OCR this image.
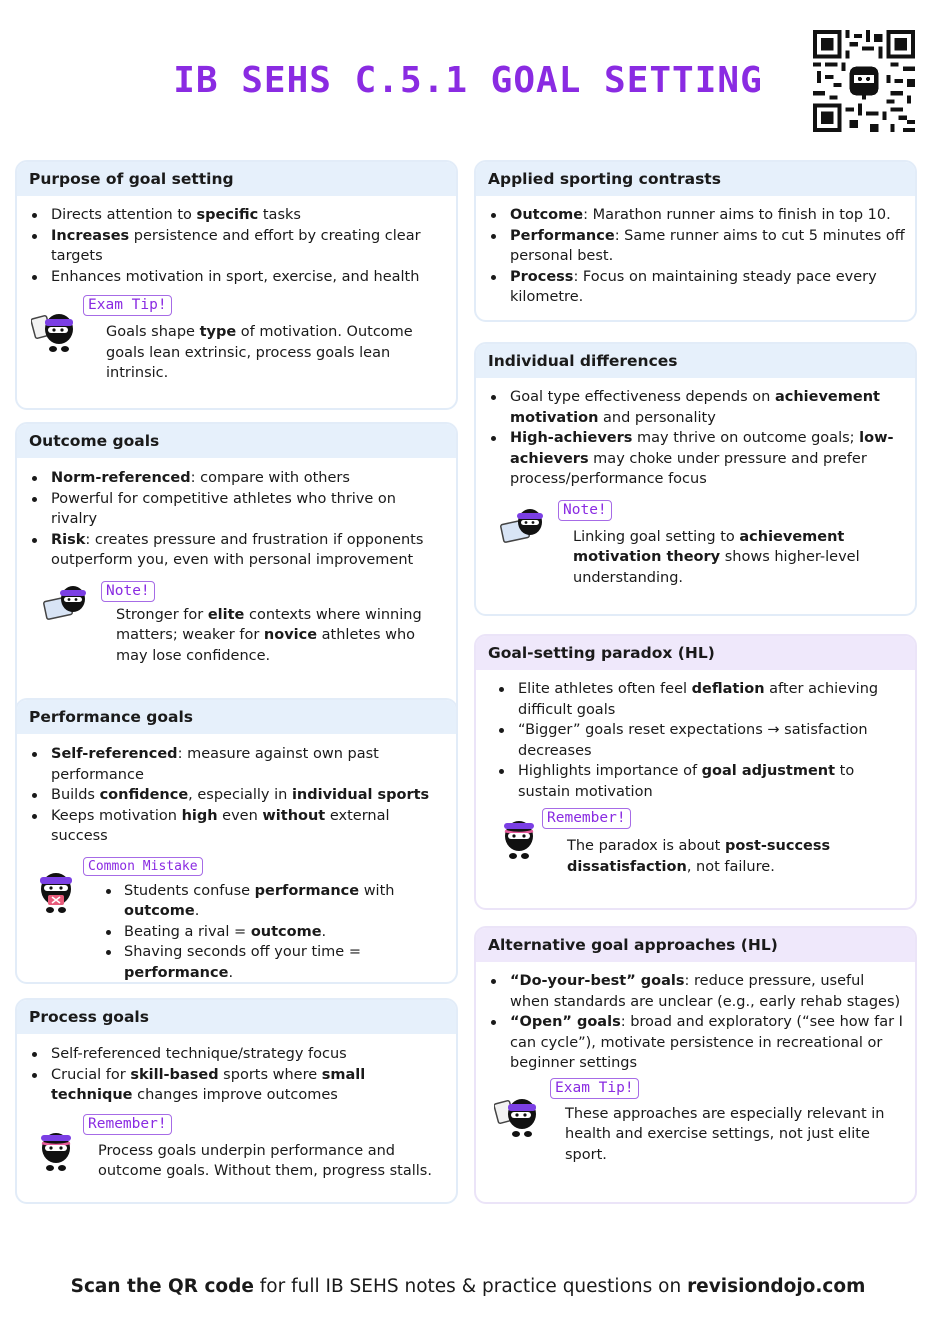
IB SEHS C.5.1 GOAL SETTING
Purpose of goal setting
Directs attention to specific tasks
Increases persistence and effort by creating clear targets
Enhances motivation in sport, exercise, and health
Exam Tip!
Goals shape type of motivation. Outcome goals lean extrinsic, process goals lean intrinsic.
Outcome goals
Norm-referenced: compare with others
Powerful for competitive athletes who thrive on rivalry
Risk: creates pressure and frustration if opponents outperform you, even with personal improvement
Note!
Stronger for elite contexts where winning matters; weaker for novice athletes who may lose confidence.
Performance goals
Self-referenced: measure against own past performance
Builds confidence, especially in individual sports
Keeps motivation high even without external success
Common Mistake
Students confuse performance with outcome.
Beating a rival = outcome.
Shaving seconds off your time = performance.
Process goals
Self-referenced technique/strategy focus
Crucial for skill-based sports where small technique changes improve outcomes
Remember!
Process goals underpin performance and outcome goals. Without them, progress stalls.
Applied sporting contrasts
Outcome: Marathon runner aims to finish in top 10.
Performance: Same runner aims to cut 5 minutes off personal best.
Process: Focus on maintaining steady pace every kilometre.
Individual differences
Goal type effectiveness depends on achievement motivation and personality
High-achievers may thrive on outcome goals; low-achievers may choke under pressure and prefer process/performance focus
Note!
Linking goal setting to achievement motivation theory shows higher-level understanding.
Goal-setting paradox (HL)
Elite athletes often feel deflation after achieving difficult goals
“Bigger” goals reset expectations → satisfaction decreases
Highlights importance of goal adjustment to sustain motivation
Remember!
The paradox is about post-success dissatisfaction, not failure.
Alternative goal approaches (HL)
“Do-your-best” goals: reduce pressure, useful when standards are unclear (e.g., early rehab stages)
“Open” goals: broad and exploratory (“see how far I can cycle”), motivate persistence in recreational or beginner settings
Exam Tip!
These approaches are especially relevant in health and exercise settings, not just elite sport.
Scan the QR code for full IB SEHS notes & practice questions on revisiondojo.com
